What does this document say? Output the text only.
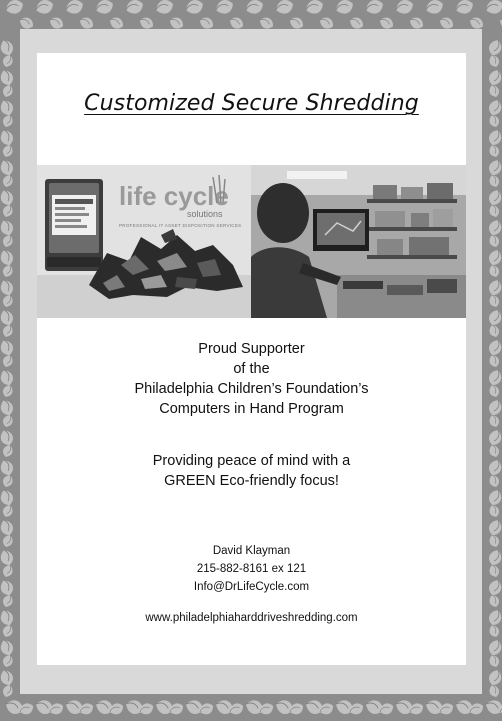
Customized Secure Shredding
life cycle
solutions
PROFESSIONAL IT ASSET DISPOSITION SERVICES
Proud Supporter
of the
Philadelphia Children’s Foundation’s
Computers in Hand Program
Providing peace of mind with a
GREEN Eco-friendly focus!
David Klayman
215-882-8161 ex 121
Info@DrLifeCycle.com
www.philadelphiaharddriveshredding.com
